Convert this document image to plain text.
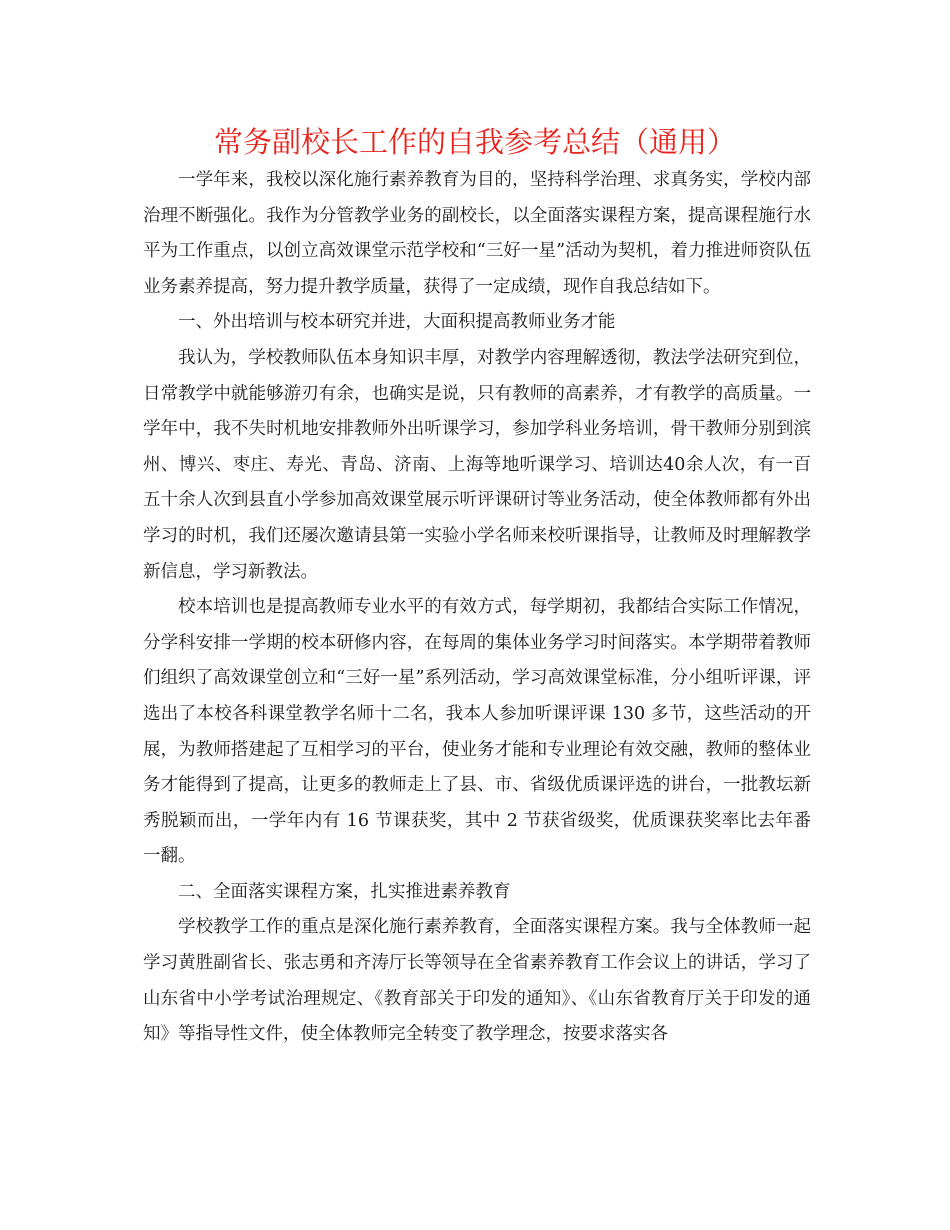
常务副校长工作的自我参考总结（通用）

一学年来，我校以深化施行素养教育为目的，坚持科学治理、求真务实，学校内部治理不断强化。我作为分管教学业务的副校长，以全面落实课程方案，提高课程施行水平为工作重点，以创立高效课堂示范学校和“三好一星”活动为契机，着力推进师资队伍业务素养提高，努力提升教学质量，获得了一定成绩，现作自我总结如下。

一、外出培训与校本研究并进，大面积提高教师业务才能

我认为，学校教师队伍本身知识丰厚，对教学内容理解透彻，教法学法研究到位，日常教学中就能够游刃有余，也确实是说，只有教师的高素养，才有教学的高质量。一学年中，我不失时机地安排教师外出听课学习，参加学科业务培训，骨干教师分别到滨州、博兴、枣庄、寿光、青岛、济南、上海等地听课学习、培训达40余人次，有一百五十余人次到县直小学参加高效课堂展示听评课研讨等业务活动，使全体教师都有外出学习的时机，我们还屡次邀请县第一实验小学名师来校听课指导，让教师及时理解教学新信息，学习新教法。

校本培训也是提高教师专业水平的有效方式，每学期初，我都结合实际工作情况，分学科安排一学期的校本研修内容，在每周的集体业务学习时间落实。本学期带着教师们组织了高效课堂创立和“三好一星”系列活动，学习高效课堂标准，分小组听评课，评选出了本校各科课堂教学名师十二名，我本人参加听课评课 130 多节，这些活动的开展，为教师搭建起了互相学习的平台，使业务才能和专业理论有效交融，教师的整体业务才能得到了提高，让更多的教师走上了县、市、省级优质课评选的讲台，一批教坛新秀脱颖而出，一学年内有 16 节课获奖，其中 2 节获省级奖，优质课获奖率比去年番一翻。

二、全面落实课程方案，扎实推进素养教育

学校教学工作的重点是深化施行素养教育，全面落实课程方案。我与全体教师一起学习黄胜副省长、张志勇和齐涛厅长等领导在全省素养教育工作会议上的讲话，学习了山东省中小学考试治理规定、《教育部关于印发的通知》、《山东省教育厅关于印发的通知》等指导性文件，使全体教师完全转变了教学理念，按要求落实各
